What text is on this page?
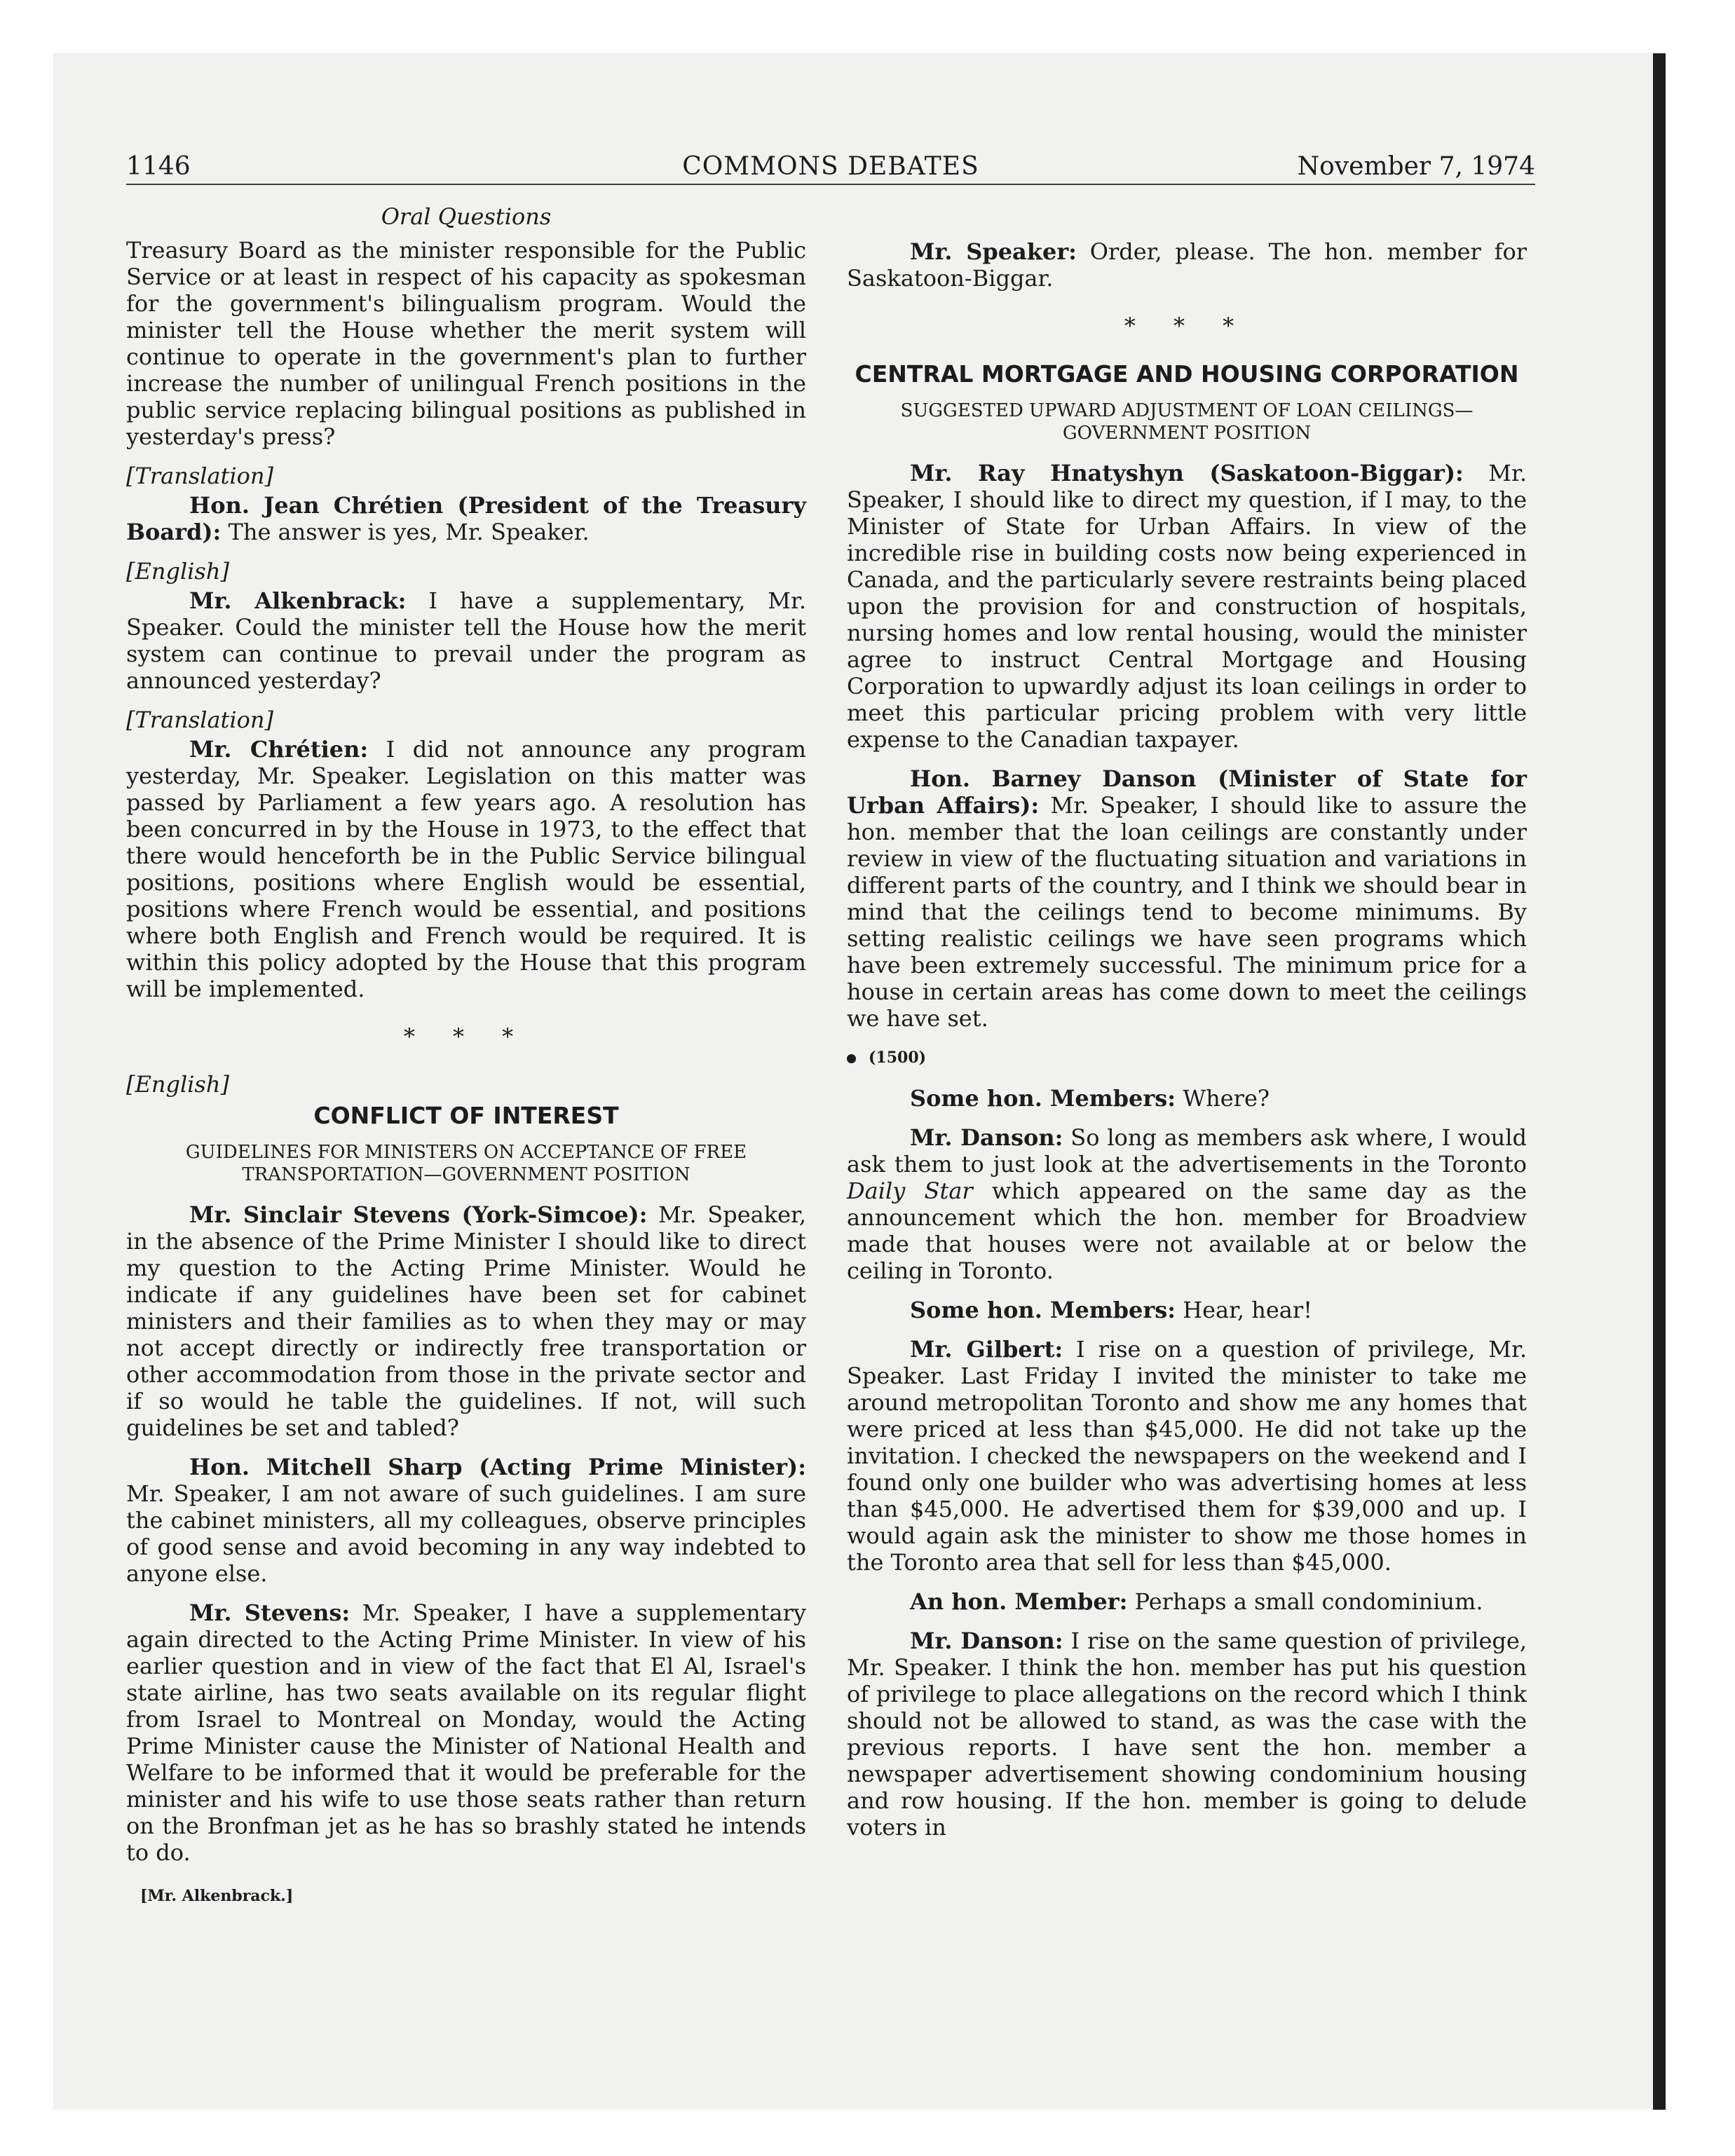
1146	COMMONS DEBATES	November 7, 1974
Oral Questions

Treasury Board as the minister responsible for the Public Service or at least in respect of his capacity as spokesman for the government's bilingualism program. Would the minister tell the House whether the merit system will continue to operate in the government's plan to further increase the number of unilingual French positions in the public service replacing bilingual positions as published in yesterday's press?

[Translation]

Hon. Jean Chrétien (President of the Treasury Board): The answer is yes, Mr. Speaker.

[English]

Mr. Alkenbrack: I have a supplementary, Mr. Speaker. Could the minister tell the House how the merit system can continue to prevail under the program as announced yesterday?

[Translation]

Mr. Chrétien: I did not announce any program yesterday, Mr. Speaker. Legislation on this matter was passed by Parliament a few years ago. A resolution has been concurred in by the House in 1973, to the effect that there would henceforth be in the Public Service bilingual positions, positions where English would be essential, positions where French would be essential, and positions where both English and French would be required. It is within this policy adopted by the House that this program will be implemented.

* * *
[English]
CONFLICT OF INTEREST
GUIDELINES FOR MINISTERS ON ACCEPTANCE OF FREE TRANSPORTATION—GOVERNMENT POSITION

Mr. Sinclair Stevens (York-Simcoe): Mr. Speaker, in the absence of the Prime Minister I should like to direct my question to the Acting Prime Minister. Would he indicate if any guidelines have been set for cabinet ministers and their families as to when they may or may not accept directly or indirectly free transportation or other accommodation from those in the private sector and if so would he table the guidelines. If not, will such guidelines be set and tabled?

Hon. Mitchell Sharp (Acting Prime Minister): Mr. Speaker, I am not aware of such guidelines. I am sure the cabinet ministers, all my colleagues, observe principles of good sense and avoid becoming in any way indebted to anyone else.

Mr. Stevens: Mr. Speaker, I have a supplementary again directed to the Acting Prime Minister. In view of his earlier question and in view of the fact that El Al, Israel's state airline, has two seats available on its regular flight from Israel to Montreal on Monday, would the Acting Prime Minister cause the Minister of National Health and Welfare to be informed that it would be preferable for the minister and his wife to use those seats rather than return on the Bronfman jet as he has so brashly stated he intends to do.

[Mr. Alkenbrack.]

Mr. Speaker: Order, please. The hon. member for Saskatoon-Biggar.

* * *
CENTRAL MORTGAGE AND HOUSING CORPORATION
SUGGESTED UPWARD ADJUSTMENT OF LOAN CEILINGS—GOVERNMENT POSITION

Mr. Ray Hnatyshyn (Saskatoon-Biggar): Mr. Speaker, I should like to direct my question, if I may, to the Minister of State for Urban Affairs. In view of the incredible rise in building costs now being experienced in Canada, and the particularly severe restraints being placed upon the provision for and construction of hospitals, nursing homes and low rental housing, would the minister agree to instruct Central Mortgage and Housing Corporation to upwardly adjust its loan ceilings in order to meet this particular pricing problem with very little expense to the Canadian taxpayer.

Hon. Barney Danson (Minister of State for Urban Affairs): Mr. Speaker, I should like to assure the hon. member that the loan ceilings are constantly under review in view of the fluctuating situation and variations in different parts of the country, and I think we should bear in mind that the ceilings tend to become minimums. By setting realistic ceilings we have seen programs which have been extremely successful. The minimum price for a house in certain areas has come down to meet the ceilings we have set.

(1500)

Some hon. Members: Where?

Mr. Danson: So long as members ask where, I would ask them to just look at the advertisements in the Toronto Daily Star which appeared on the same day as the announcement which the hon. member for Broadview made that houses were not available at or below the ceiling in Toronto.

Some hon. Members: Hear, hear!

Mr. Gilbert: I rise on a question of privilege, Mr. Speaker. Last Friday I invited the minister to take me around metropolitan Toronto and show me any homes that were priced at less than $45,000. He did not take up the invitation. I checked the newspapers on the weekend and I found only one builder who was advertising homes at less than $45,000. He advertised them for $39,000 and up. I would again ask the minister to show me those homes in the Toronto area that sell for less than $45,000.

An hon. Member: Perhaps a small condominium.

Mr. Danson: I rise on the same question of privilege, Mr. Speaker. I think the hon. member has put his question of privilege to place allegations on the record which I think should not be allowed to stand, as was the case with the previous reports. I have sent the hon. member a newspaper advertisement showing condominium housing and row housing. If the hon. member is going to delude voters in
